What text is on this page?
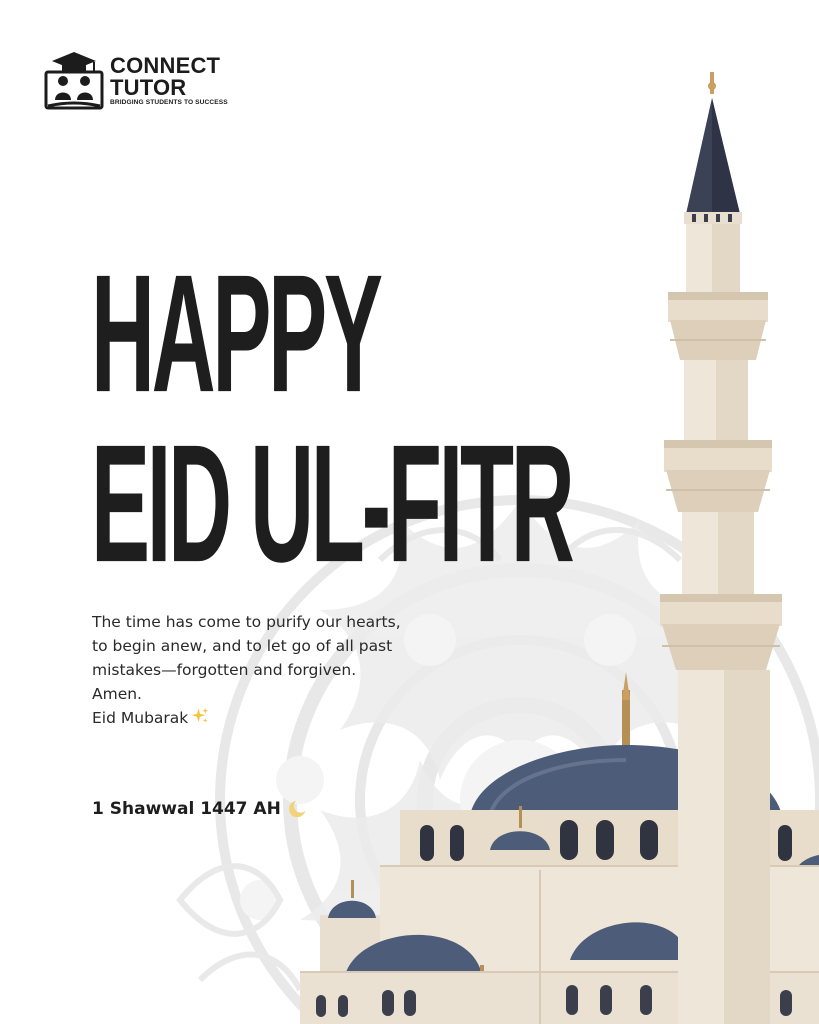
CONNECT
TUTOR
BRIDGING STUDENTS TO SUCCESS
HAPPY
EID UL-FITR
The time has come to purify our hearts,
to begin anew, and to let go of all past
mistakes—forgotten and forgiven.
Amen.
Eid Mubarak
1 Shawwal 1447 AH
